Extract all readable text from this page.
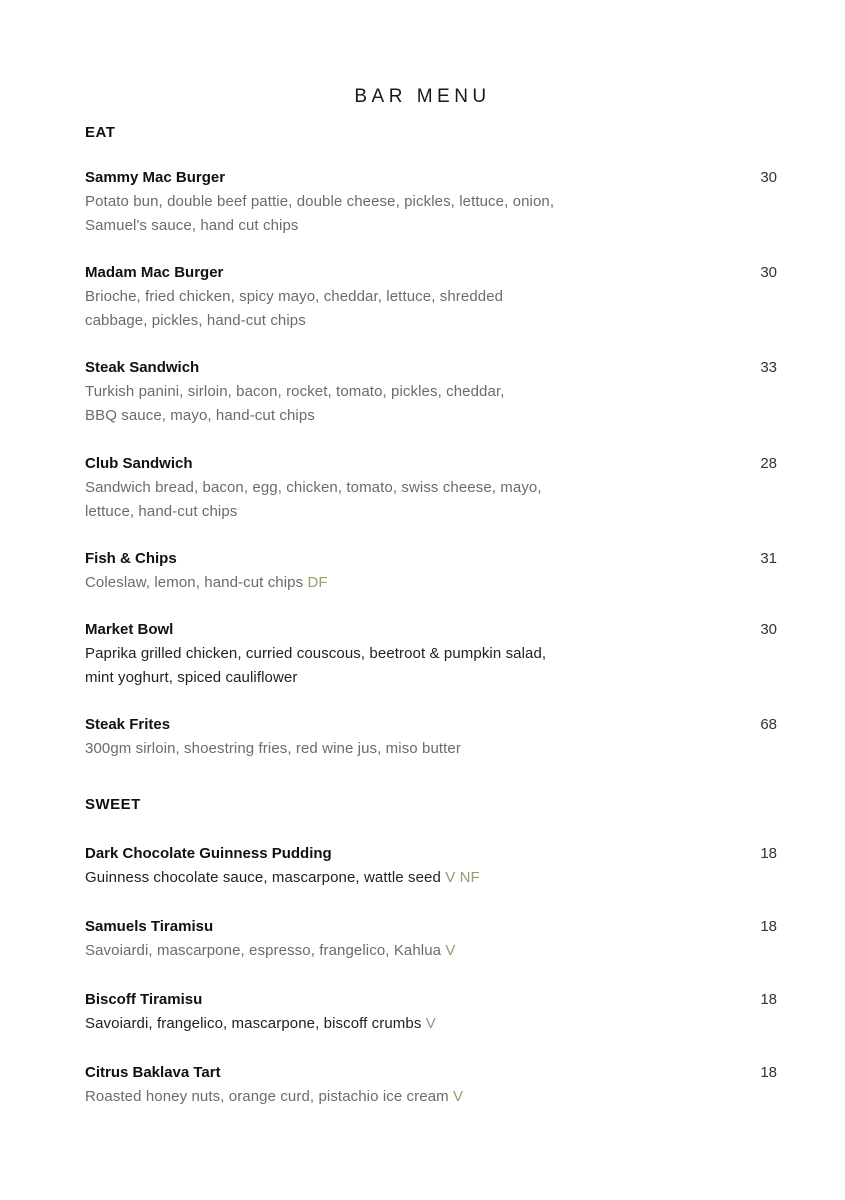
BAR MENU
EAT
Sammy Mac Burger	30
Potato bun, double beef pattie, double cheese, pickles, lettuce, onion,
Samuel's sauce, hand cut chips
Madam Mac Burger	30
Brioche, fried chicken, spicy mayo, cheddar, lettuce, shredded
cabbage, pickles, hand-cut chips
Steak Sandwich	33
Turkish panini, sirloin, bacon, rocket, tomato, pickles, cheddar,
BBQ sauce, mayo, hand-cut chips
Club Sandwich	28
Sandwich bread, bacon, egg, chicken, tomato, swiss cheese, mayo,
lettuce, hand-cut chips
Fish & Chips	31
Coleslaw, lemon, hand-cut chips DF
Market Bowl	30
Paprika grilled chicken, curried couscous, beetroot & pumpkin salad,
mint yoghurt, spiced cauliflower
Steak Frites	68
300gm sirloin, shoestring fries, red wine jus, miso butter
SWEET
Dark Chocolate Guinness Pudding	18
Guinness chocolate sauce, mascarpone, wattle seed V NF
Samuels Tiramisu	18
Savoiardi, mascarpone, espresso, frangelico, Kahlua V
Biscoff Tiramisu	18
Savoiardi, frangelico, mascarpone, biscoff crumbs V
Citrus Baklava Tart	18
Roasted honey nuts, orange curd, pistachio ice cream V
